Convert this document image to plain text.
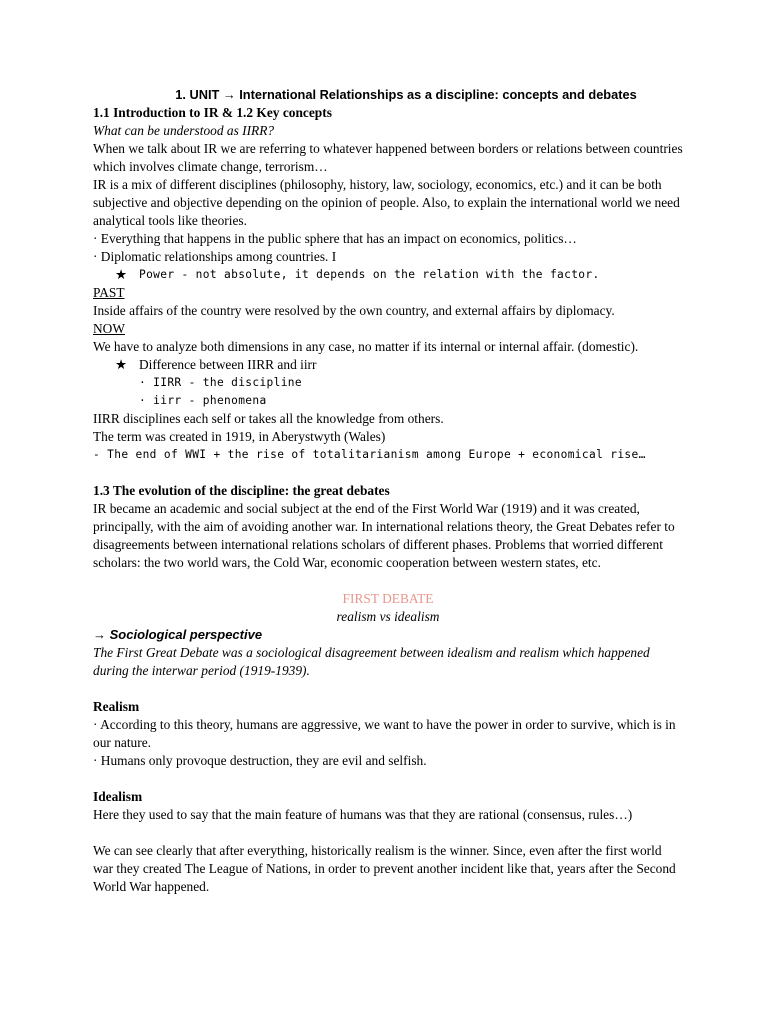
1. UNIT → International Relationships as a discipline: concepts and debates

1.1 Introduction to IR & 1.2 Key concepts

What can be understood as IIRR?

When we talk about IR we are referring to whatever happened between borders or relations between countries which involves climate change, terrorism…

IR is a mix of different disciplines (philosophy, history, law, sociology, economics, etc.) and it can be both subjective and objective depending on the opinion of people. Also, to explain the international world we need analytical tools like theories.

· Everything that happens in the public sphere that has an impact on economics, politics…

· Diplomatic relationships among countries. I

★	Power - not absolute, it depends on the relation with the factor.

PAST

Inside affairs of the country were resolved by the own country, and external affairs by diplomacy.

NOW

We have to analyze both dimensions in any case, no matter if its internal or internal affair. (domestic).

★ Difference between IIRR and iirr

· IIRR - the discipline

· iirr - phenomena

IIRR disciplines each self or takes all the knowledge from others.

The term was created in 1919, in Aberystwyth (Wales)

- The end of WWI + the rise of totalitarianism among Europe + economical rise…

1.3 The evolution of the discipline: the great debates

IR became an academic and social subject at the end of the First World War (1919) and it was created, principally, with the aim of avoiding another war. In international relations theory, the Great Debates refer to disagreements between international relations scholars of different phases. Problems that worried different scholars: the two world wars, the Cold War, economic cooperation between western states, etc.

FIRST DEBATE

realism vs idealism

→ Sociological perspective

The First Great Debate was a sociological disagreement between idealism and realism which happened during the interwar period (1919-1939).

Realism

· According to this theory, humans are aggressive, we want to have the power in order to survive, which is in our nature.

· Humans only provoque destruction, they are evil and selfish.

Idealism

Here they used to say that the main feature of humans was that they are rational (consensus, rules…)

We can see clearly that after everything, historically realism is the winner. Since, even after the first world war they created The League of Nations, in order to prevent another incident like that, years after the Second World War happened.
